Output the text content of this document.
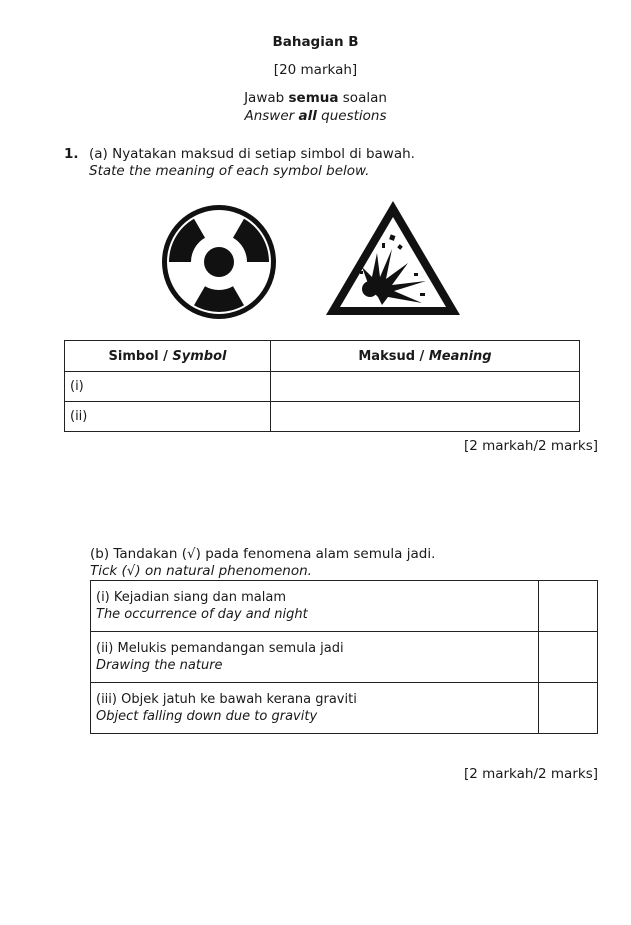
Bahagian B
[20 markah]
Jawab semua soalan
Answer all questions
1. (a) Nyatakan maksud di setiap simbol di bawah.
State the meaning of each symbol below.
Simbol / Symbol	Maksud / Meaning
(i)	
(ii)	
[2 markah/2 marks]
(b) Tandakan (√) pada fenomena alam semula jadi.
Tick (√) on natural phenomenon.
(i) Kejadian siang dan malam
The occurrence of day and night	

(ii) Melukis pemandangan semula jadi
Drawing the nature	

(iii) Objek jatuh ke bawah kerana graviti
Object falling down due to gravity	

[2 markah/2 marks]
